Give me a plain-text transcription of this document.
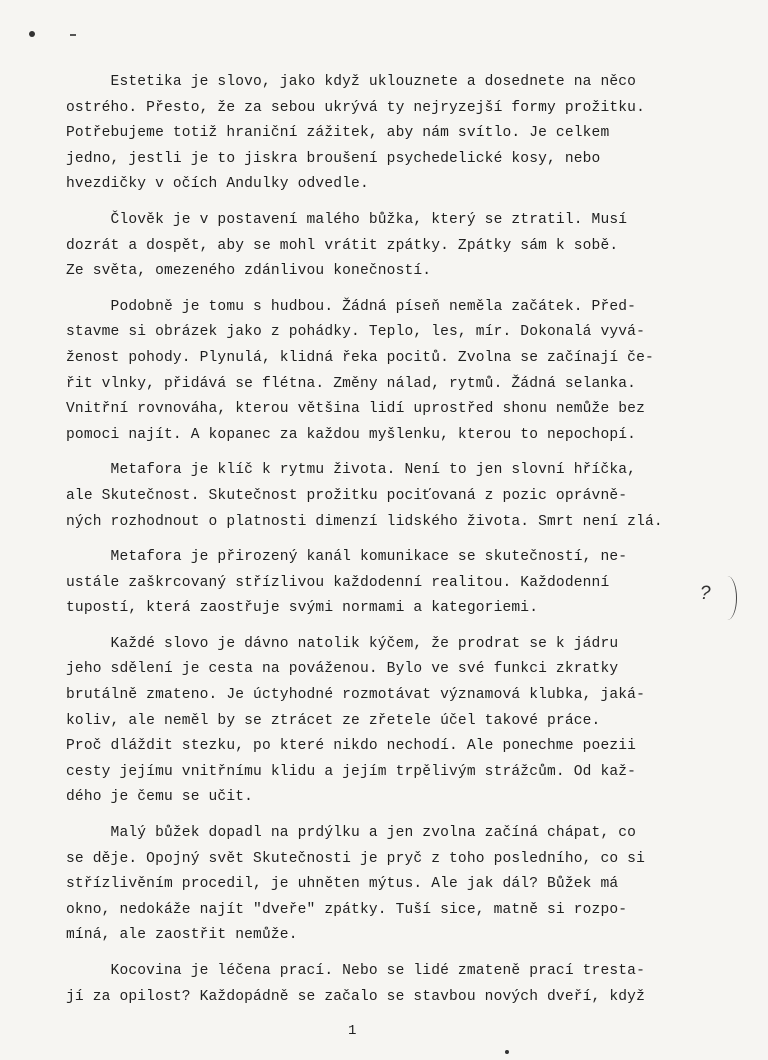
Estetika je slovo, jako když uklouznete a dosednete na něco
ostrého. Přesto, že za sebou ukrývá ty nejryzejší formy prožitku.
Potřebujeme totiž hraniční zážitek, aby nám svítlo. Je celkem
jedno, jestli je to jiskra broušení psychedelické kosy, nebo
hvezdičky v očích Andulky odvedle.
Člověk je v postavení malého bůžka, který se ztratil. Musí
dozrát a dospět, aby se mohl vrátit zpátky. Zpátky sám k sobě.
Ze světa, omezeného zdánlivou konečností.
Podobně je tomu s hudbou. Žádná píseň neměla začátek. Před-
stavme si obrázek jako z pohádky. Teplo, les, mír. Dokonalá vyvá-
ženost pohody. Plynulá, klidná řeka pocitů. Zvolna se začínají če-
řit vlnky, přidává se flétna. Změny nálad, rytmů. Žádná selanka.
Vnitřní rovnováha, kterou většina lidí uprostřed shonu nemůže bez
pomoci najít. A kopanec za každou myšlenku, kterou to nepochopí.
Metafora je klíč k rytmu života. Není to jen slovní hříčka,
ale Skutečnost. Skutečnost prožitku pociťovaná z pozic oprávně-
ných rozhodnout o platnosti dimenzí lidského života. Smrt není zlá.
Metafora je přirozený kanál komunikace se skutečností, ne-
ustále zaškrcovaný střízlivou každodenní realitou. Každodenní
tupostí, která zaostřuje svými normami a kategoriemi.
Každé slovo je dávno natolik kýčem, že prodrat se k jádru
jeho sdělení je cesta na pováženou. Bylo ve své funkci zkratky
brutálně zmateno. Je úctyhodné rozmotávat významová klubka, jaká-
koliv, ale neměl by se ztrácet ze zřetele účel takové práce.
Proč dláždit stezku, po které nikdo nechodí. Ale ponechme poezii
cesty jejímu vnitřnímu klidu a jejím trpělivým strážcům. Od kaž-
dého je čemu se učit.
Malý bůžek dopadl na prdýlku a jen zvolna začíná chápat, co
se děje. Opojný svět Skutečnosti je pryč z toho posledního, co si
střízlivěním procedil, je uhněten mýtus. Ale jak dál? Bůžek má
okno, nedokáže najít "dveře" zpátky. Tuší sice, matně si rozpo-
míná, ale zaostřit nemůže.
Kocovina je léčena prací. Nebo se lidé zmateně prací tresta-
jí za opilost? Každopádně se začalo se stavbou nových dveří, když
?
1
